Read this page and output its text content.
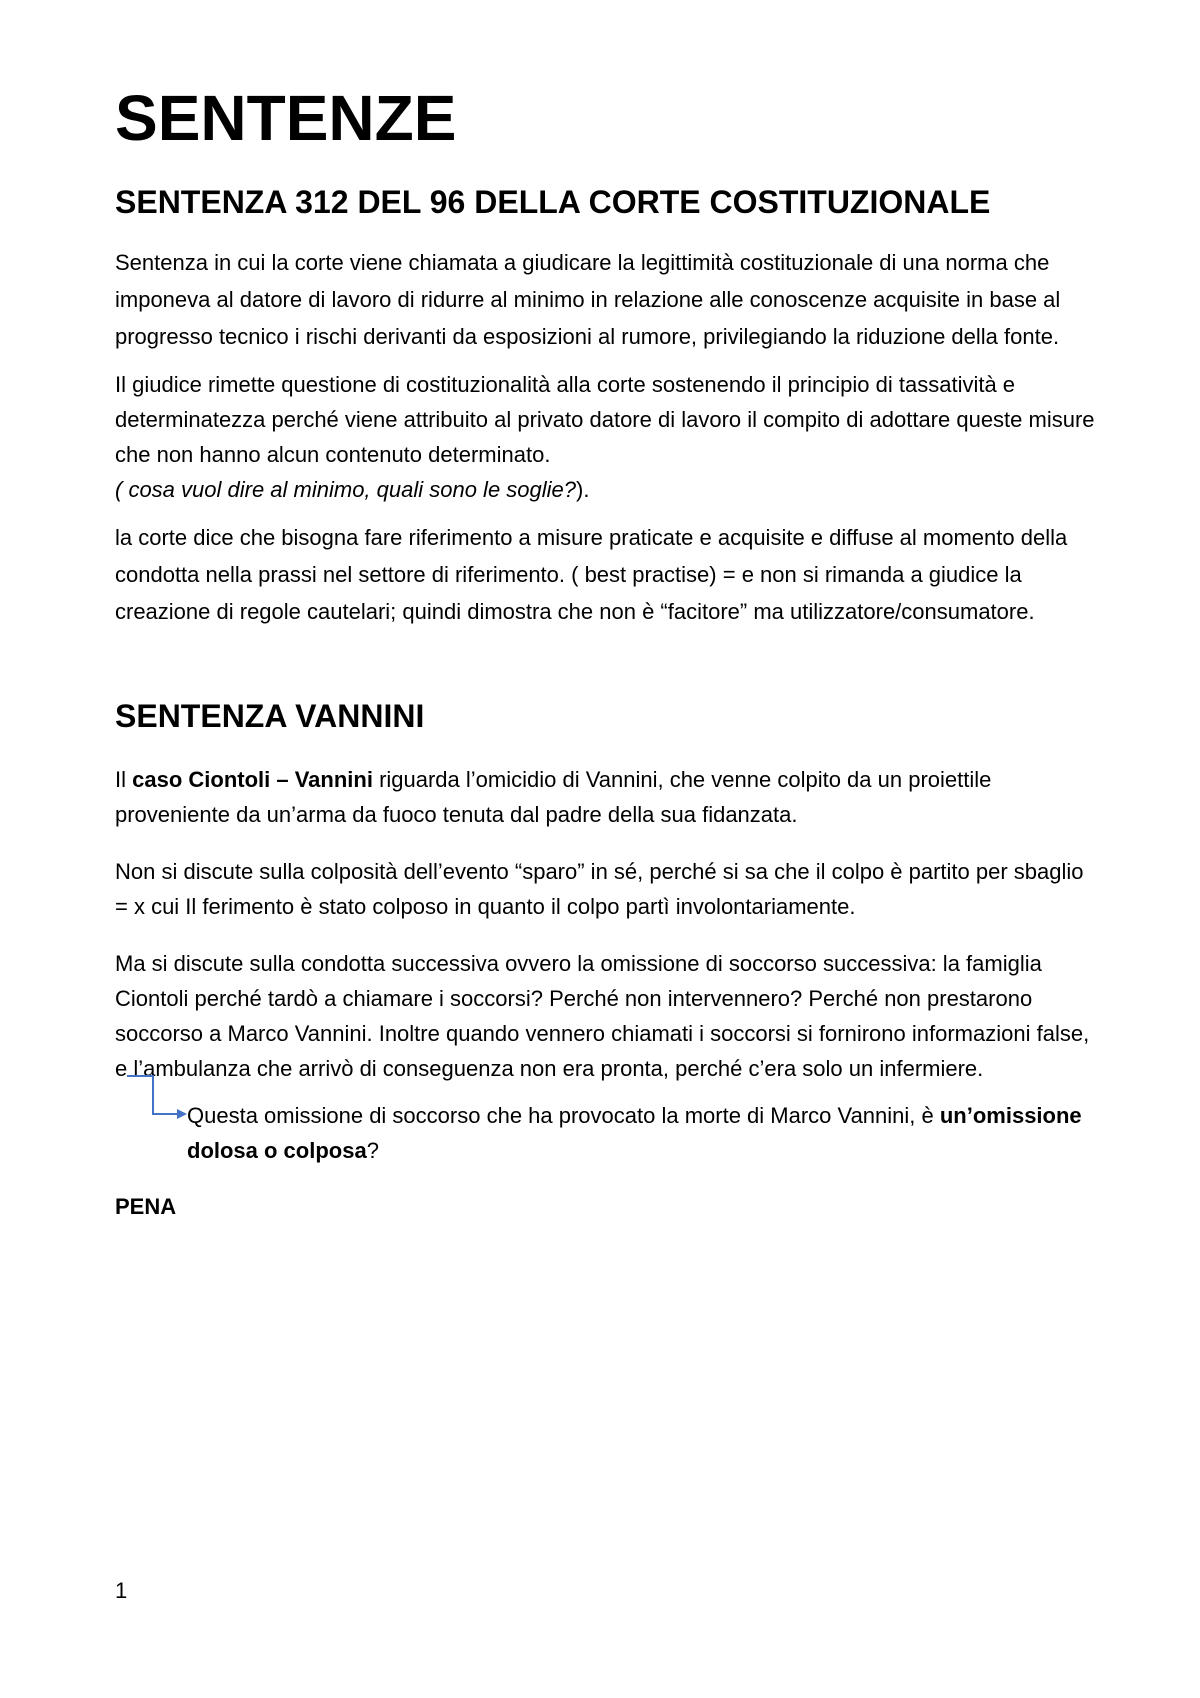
SENTENZE
SENTENZA 312 DEL 96 DELLA CORTE COSTITUZIONALE

Sentenza in cui la corte viene chiamata a giudicare la legittimità costituzionale di una norma che imponeva al datore di lavoro di ridurre al minimo in relazione alle conoscenze acquisite in base al progresso tecnico i rischi derivanti da esposizioni al rumore, privilegiando la riduzione della fonte.

Il giudice rimette questione di costituzionalità alla corte sostenendo il principio di tassatività e determinatezza perché viene attribuito al privato datore di lavoro il compito di adottare queste misure che non hanno alcun contenuto determinato.
( cosa vuol dire al minimo, quali sono le soglie?).

la corte dice che bisogna fare riferimento a misure praticate e acquisite e diffuse al momento della condotta nella prassi nel settore di riferimento. ( best practise) = e non si rimanda a giudice la creazione di regole cautelari; quindi dimostra che non è “facitore” ma utilizzatore/consumatore.

SENTENZA VANNINI

Il caso Ciontoli – Vannini riguarda l’omicidio di Vannini, che venne colpito da un proiettile proveniente da un’arma da fuoco tenuta dal padre della sua fidanzata.

Non si discute sulla colposità dell’evento “sparo” in sé, perché si sa che il colpo è partito per sbaglio = x cui Il ferimento è stato colposo in quanto il colpo partì involontariamente.

Ma si discute sulla condotta successiva ovvero la omissione di soccorso successiva: la famiglia Ciontoli perché tardò a chiamare i soccorsi? Perché non intervennero? Perché non prestarono soccorso a Marco Vannini. Inoltre quando vennero chiamati i soccorsi si fornirono informazioni false, e l’ambulanza che arrivò di conseguenza non era pronta, perché c’era solo un infermiere.

Questa omissione di soccorso che ha provocato la morte di Marco Vannini, è un’omissione dolosa o colposa?

PENA
1
